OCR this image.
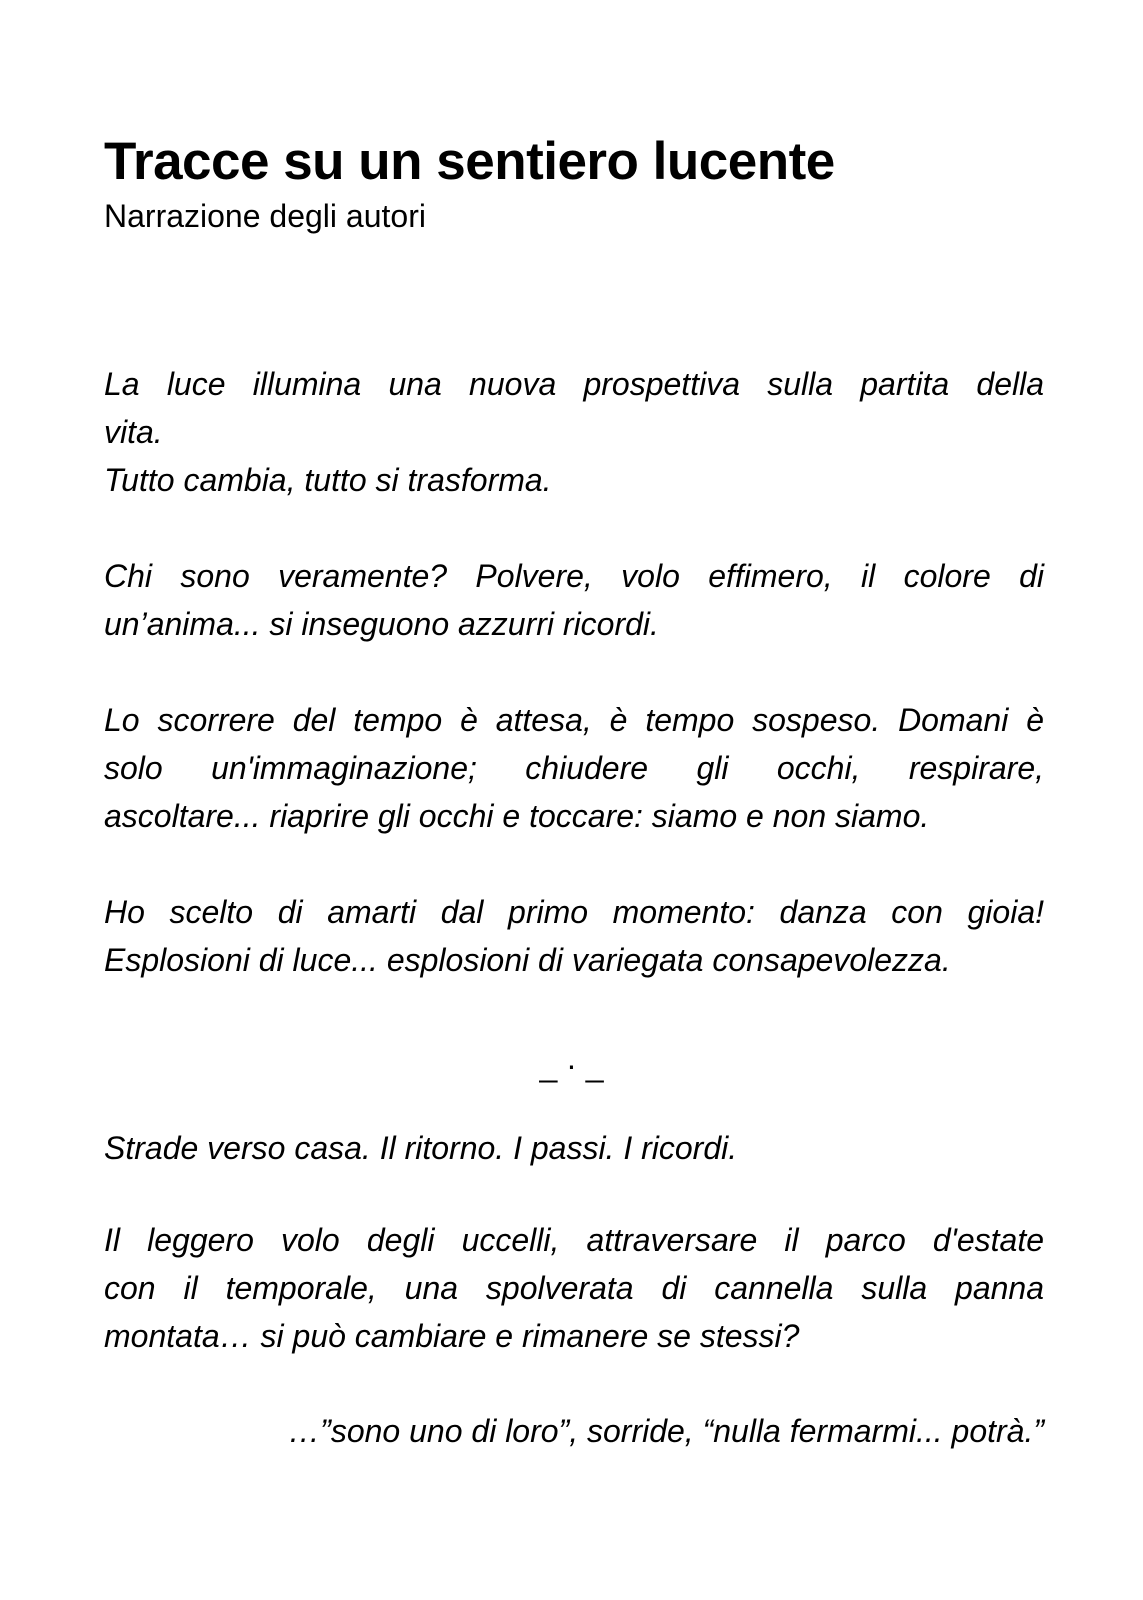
Tracce su un sentiero lucente

Narrazione degli autori

La luce illumina una nuova prospettiva sulla partita della
vita.
Tutto cambia, tutto si trasforma.
Chi sono veramente? Polvere, volo effimero, il colore di
un’anima... si inseguono azzurri ricordi.
Lo scorrere del tempo è attesa, è tempo sospeso. Domani è
solo un'immaginazione; chiudere gli occhi, respirare,
ascoltare... riaprire gli occhi e toccare: siamo e non siamo.
Ho scelto di amarti dal primo momento: danza con gioia!
Esplosioni di luce... esplosioni di variegata consapevolezza.
_ · _
Strade verso casa. Il ritorno. I passi. I ricordi.
Il leggero volo degli uccelli, attraversare il parco d'estate
con il temporale, una spolverata di cannella sulla panna
montata… si può cambiare e rimanere se stessi?
…”sono uno di loro”, sorride, “nulla fermarmi... potrà.”
